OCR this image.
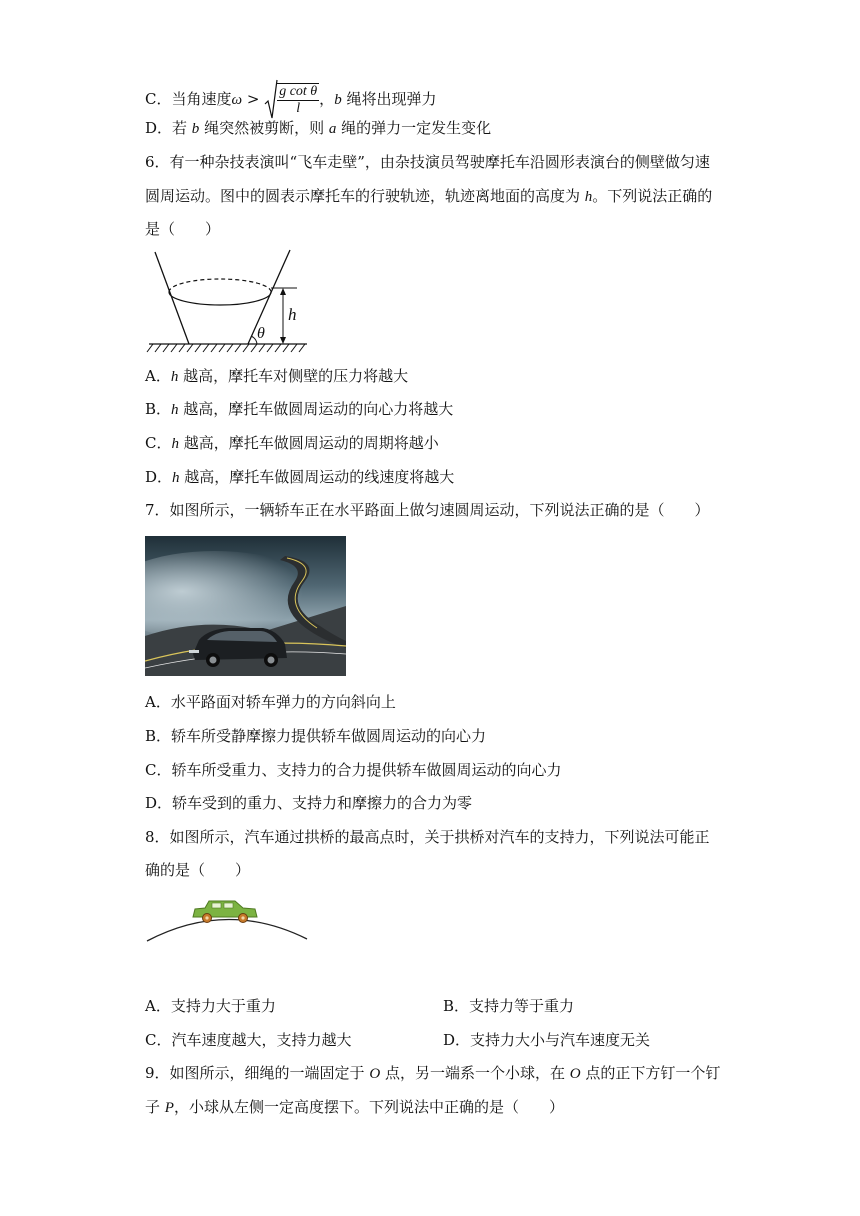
C．当角速度$\omega > \frac{\text{g cot θ}}{l}$ ，b 绳将出现弹力
D．若 b 绳突然被剪断，则 a 绳的弹力一定发生变化
6．有一种杂技表演叫“飞车走壁”，由杂技演员驾驶摩托车沿圆形表演台的侧壁做匀速
圆周运动。图中的圆表示摩托车的行驶轨迹，轨迹离地面的高度为 h。下列说法正确的
是（　　）
h
θ
A．h 越高，摩托车对侧壁的压力将越大
B．h 越高，摩托车做圆周运动的向心力将越大
C．h 越高，摩托车做圆周运动的周期将越小
D．h 越高，摩托车做圆周运动的线速度将越大
7．如图所示，一辆轿车正在水平路面上做匀速圆周运动，下列说法正确的是（　　）
A．水平路面对轿车弹力的方向斜向上
B．轿车所受静摩擦力提供轿车做圆周运动的向心力
C．轿车所受重力、支持力的合力提供轿车做圆周运动的向心力
D．轿车受到的重力、支持力和摩擦力的合力为零
8．如图所示，汽车通过拱桥的最高点时，关于拱桥对汽车的支持力，下列说法可能正
确的是（　　）
A．支持力大于重力	B．支持力等于重力
C．汽车速度越大，支持力越大	D．支持力大小与汽车速度无关
9．如图所示，细绳的一端固定于 O 点，另一端系一个小球，在 O 点的正下方钉一个钉
子 P，小球从左侧一定高度摆下。下列说法中正确的是（　　）
